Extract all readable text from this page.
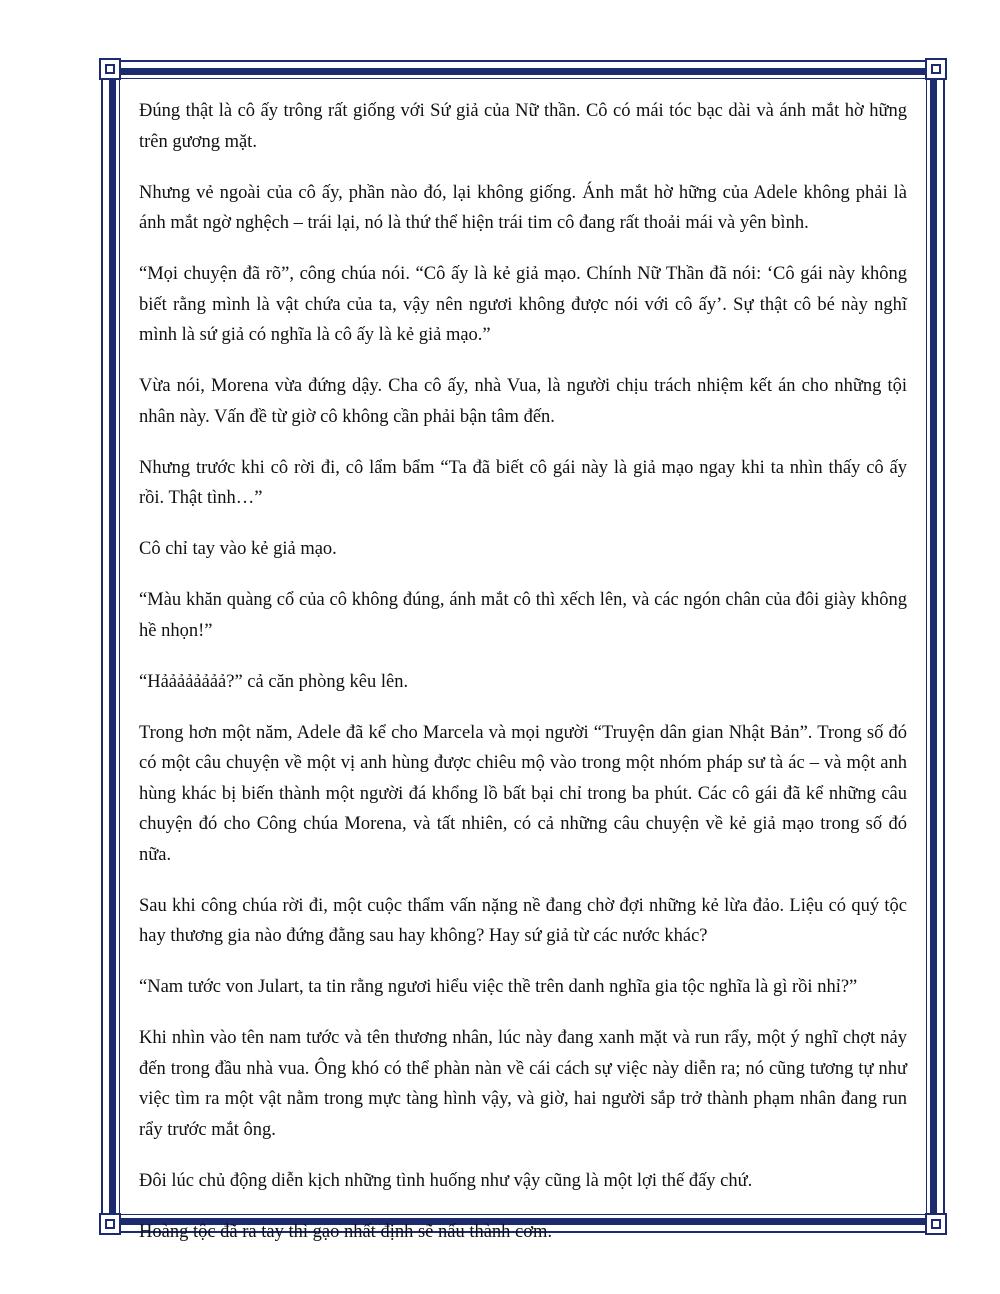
Đúng thật là cô ấy trông rất giống với Sứ giả của Nữ thần. Cô có mái tóc bạc dài và ánh mắt hờ hững trên gương mặt.

Nhưng vẻ ngoài của cô ấy, phần nào đó, lại không giống. Ánh mắt hờ hững của Adele không phải là ánh mắt ngờ nghệch – trái lại, nó là thứ thể hiện trái tim cô đang rất thoải mái và yên bình.

“Mọi chuyện đã rõ”, công chúa nói. “Cô ấy là kẻ giả mạo. Chính Nữ Thần đã nói: ‘Cô gái này không biết rằng mình là vật chứa của ta, vậy nên ngươi không được nói với cô ấy’. Sự thật cô bé này nghĩ mình là sứ giả có nghĩa là cô ấy là kẻ giả mạo.”

Vừa nói, Morena vừa đứng dậy. Cha cô ấy, nhà Vua, là người chịu trách nhiệm kết án cho những tội nhân này. Vấn đề từ giờ cô không cần phải bận tâm đến.

Nhưng trước khi cô rời đi, cô lẩm bẩm “Ta đã biết cô gái này là giả mạo ngay khi ta nhìn thấy cô ấy rồi. Thật tình…”

Cô chỉ tay vào kẻ giả mạo.

“Màu khăn quàng cổ của cô không đúng, ánh mắt cô thì xếch lên, và các ngón chân của đôi giày không hề nhọn!”

“Hảảảảảảảả?” cả căn phòng kêu lên.

Trong hơn một năm, Adele đã kể cho Marcela và mọi người “Truyện dân gian Nhật Bản”. Trong số đó có một câu chuyện về một vị anh hùng được chiêu mộ vào trong một nhóm pháp sư tà ác – và một anh hùng khác bị biến thành một người đá khổng lồ bất bại chỉ trong ba phút. Các cô gái đã kể những câu chuyện đó cho Công chúa Morena, và tất nhiên, có cả những câu chuyện về kẻ giả mạo trong số đó nữa.

Sau khi công chúa rời đi, một cuộc thẩm vấn nặng nề đang chờ đợi những kẻ lừa đảo. Liệu có quý tộc hay thương gia nào đứng đằng sau hay không? Hay sứ giả từ các nước khác?

“Nam tước von Julart, ta tin rằng ngươi hiểu việc thề trên danh nghĩa gia tộc nghĩa là gì rồi nhỉ?”

Khi nhìn vào tên nam tước và tên thương nhân, lúc này đang xanh mặt và run rẩy, một ý nghĩ chợt nảy đến trong đầu nhà vua. Ông khó có thể phàn nàn về cái cách sự việc này diễn ra; nó cũng tương tự như việc tìm ra một vật nằm trong mực tàng hình vậy, và giờ, hai người sắp trở thành phạm nhân đang run rẩy trước mắt ông.

Đôi lúc chủ động diễn kịch những tình huống như vậy cũng là một lợi thế đấy chứ.

Hoàng tộc đã ra tay thì gạo nhất định sẽ nấu thành cơm.
